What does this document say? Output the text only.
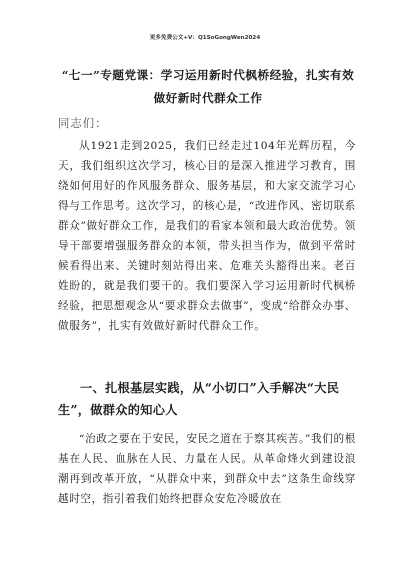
更多免费公文+V：Q1SoGongWen2024
“七一”专题党课：学习运用新时代枫桥经验，扎实有效做好新时代群众工作
同志们：
从1921走到2025，我们已经走过104年光辉历程，今天，我们组织这次学习，核心目的是深入推进学习教育，围绕如何用好的作风服务群众、服务基层，和大家交流学习心得与工作思考。这次学习，的核心是，“改进作风、密切联系群众”做好群众工作，是我们的看家本领和最大政治优势。领导干部要增强服务群众的本领，带头担当作为，做到平常时候看得出来、关键时刻站得出来、危难关头豁得出来。老百姓盼的，就是我们要干的。我们要深入学习运用新时代枫桥经验，把思想观念从“要求群众去做事”，变成“给群众办事、做服务”，扎实有效做好新时代群众工作。
一、扎根基层实践，从“小切口”入手解决“大民生”，做群众的知心人
“治政之要在于安民，安民之道在于察其疾苦。”我们的根基在人民、血脉在人民、力量在人民。从革命烽火到建设浪潮再到改革开放，“从群众中来，到群众中去”这条生命线穿越时空，指引着我们始终把群众安危冷暖放在
